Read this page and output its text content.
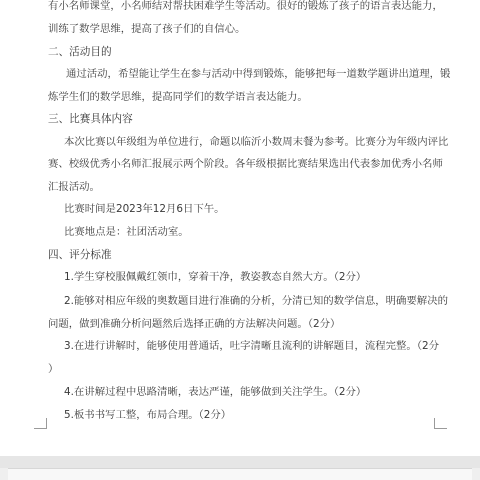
有小名师课堂，小名师结对帮扶困难学生等活动。很好的锻炼了孩子的语言表达能力，
训练了数学思维，提高了孩子们的自信心。
二、活动目的
通过活动，希望能让学生在参与活动中得到锻炼，能够把每一道数学题讲出道理，锻
炼学生们的数学思维，提高同学们的数学语言表达能力。
三、比赛具体内容
本次比赛以年级组为单位进行，命题以临沂小数周末餐为参考。比赛分为年级内评比
赛、校级优秀小名师汇报展示两个阶段。各年级根据比赛结果选出代表参加优秀小名师
汇报活动。
比赛时间是2023年12月6日下午。
比赛地点是：社团活动室。
四、评分标准
1.学生穿校服佩戴红领巾，穿着干净，教姿教态自然大方。（2分）
2.能够对相应年级的奥数题目进行准确的分析，分清已知的数学信息，明确要解决的
问题，做到准确分析问题然后选择正确的方法解决问题。（2分）
3.在进行讲解时，能够使用普通话，吐字清晰且流利的讲解题目，流程完整。（2分
）
4.在讲解过程中思路清晰，表达严谨，能够做到关注学生。（2分）
5.板书书写工整，布局合理。（2分）
